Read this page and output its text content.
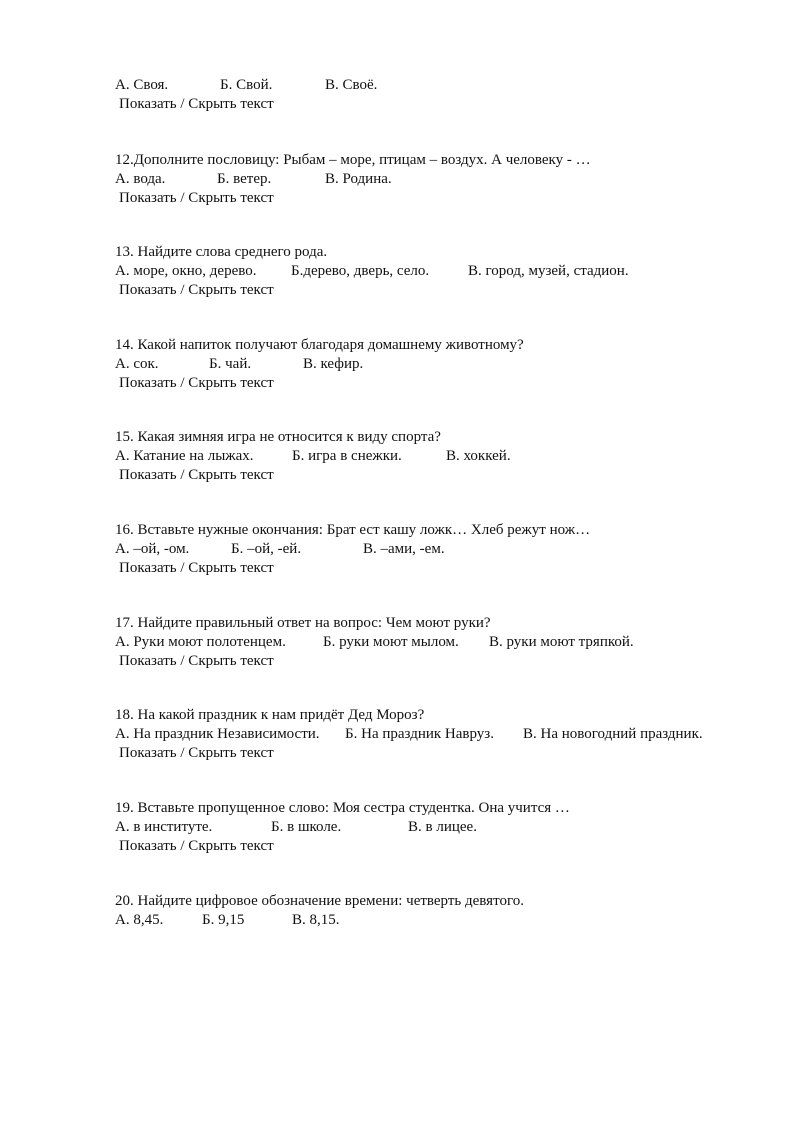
А. Своя.	Б. Свой.	В. Своё.
Показать / Скрыть текст
12.Дополните пословицу: Рыбам – море, птицам – воздух. А человеку - …
А. вода.	Б. ветер.	В. Родина.
Показать / Скрыть текст
13. Найдите слова среднего рода.
А. море, окно, дерево. Б.дерево, дверь, село.	В. город, музей, стадион.
Показать / Скрыть текст
14. Какой напиток получают благодаря домашнему животному?
А. сок.	Б. чай.	В. кефир.
Показать / Скрыть текст
15. Какая зимняя игра не относится к виду спорта?
А. Катание на лыжах.	Б. игра в снежки.	В. хоккей.
Показать / Скрыть текст
16. Вставьте нужные окончания: Брат ест кашу ложк… Хлеб режут нож…
А. –ой, -ом.	Б. –ой, -ей.	В. –ами, -ем.
Показать / Скрыть текст
17. Найдите правильный ответ на вопрос: Чем моют руки?
А. Руки моют полотенцем. Б. руки моют мылом. В. руки моют тряпкой.
Показать / Скрыть текст
18. На какой праздник к нам придёт Дед Мороз?
А. На праздник Независимости. Б. На праздник Навруз. В. На новогодний праздник.
Показать / Скрыть текст
19. Вставьте пропущенное слово: Моя сестра студентка. Она учится …
А. в институте.	Б. в школе.	В. в лицее.
Показать / Скрыть текст
20. Найдите цифровое обозначение времени: четверть девятого.
А. 8,45.	Б. 9,15	В. 8,15.
